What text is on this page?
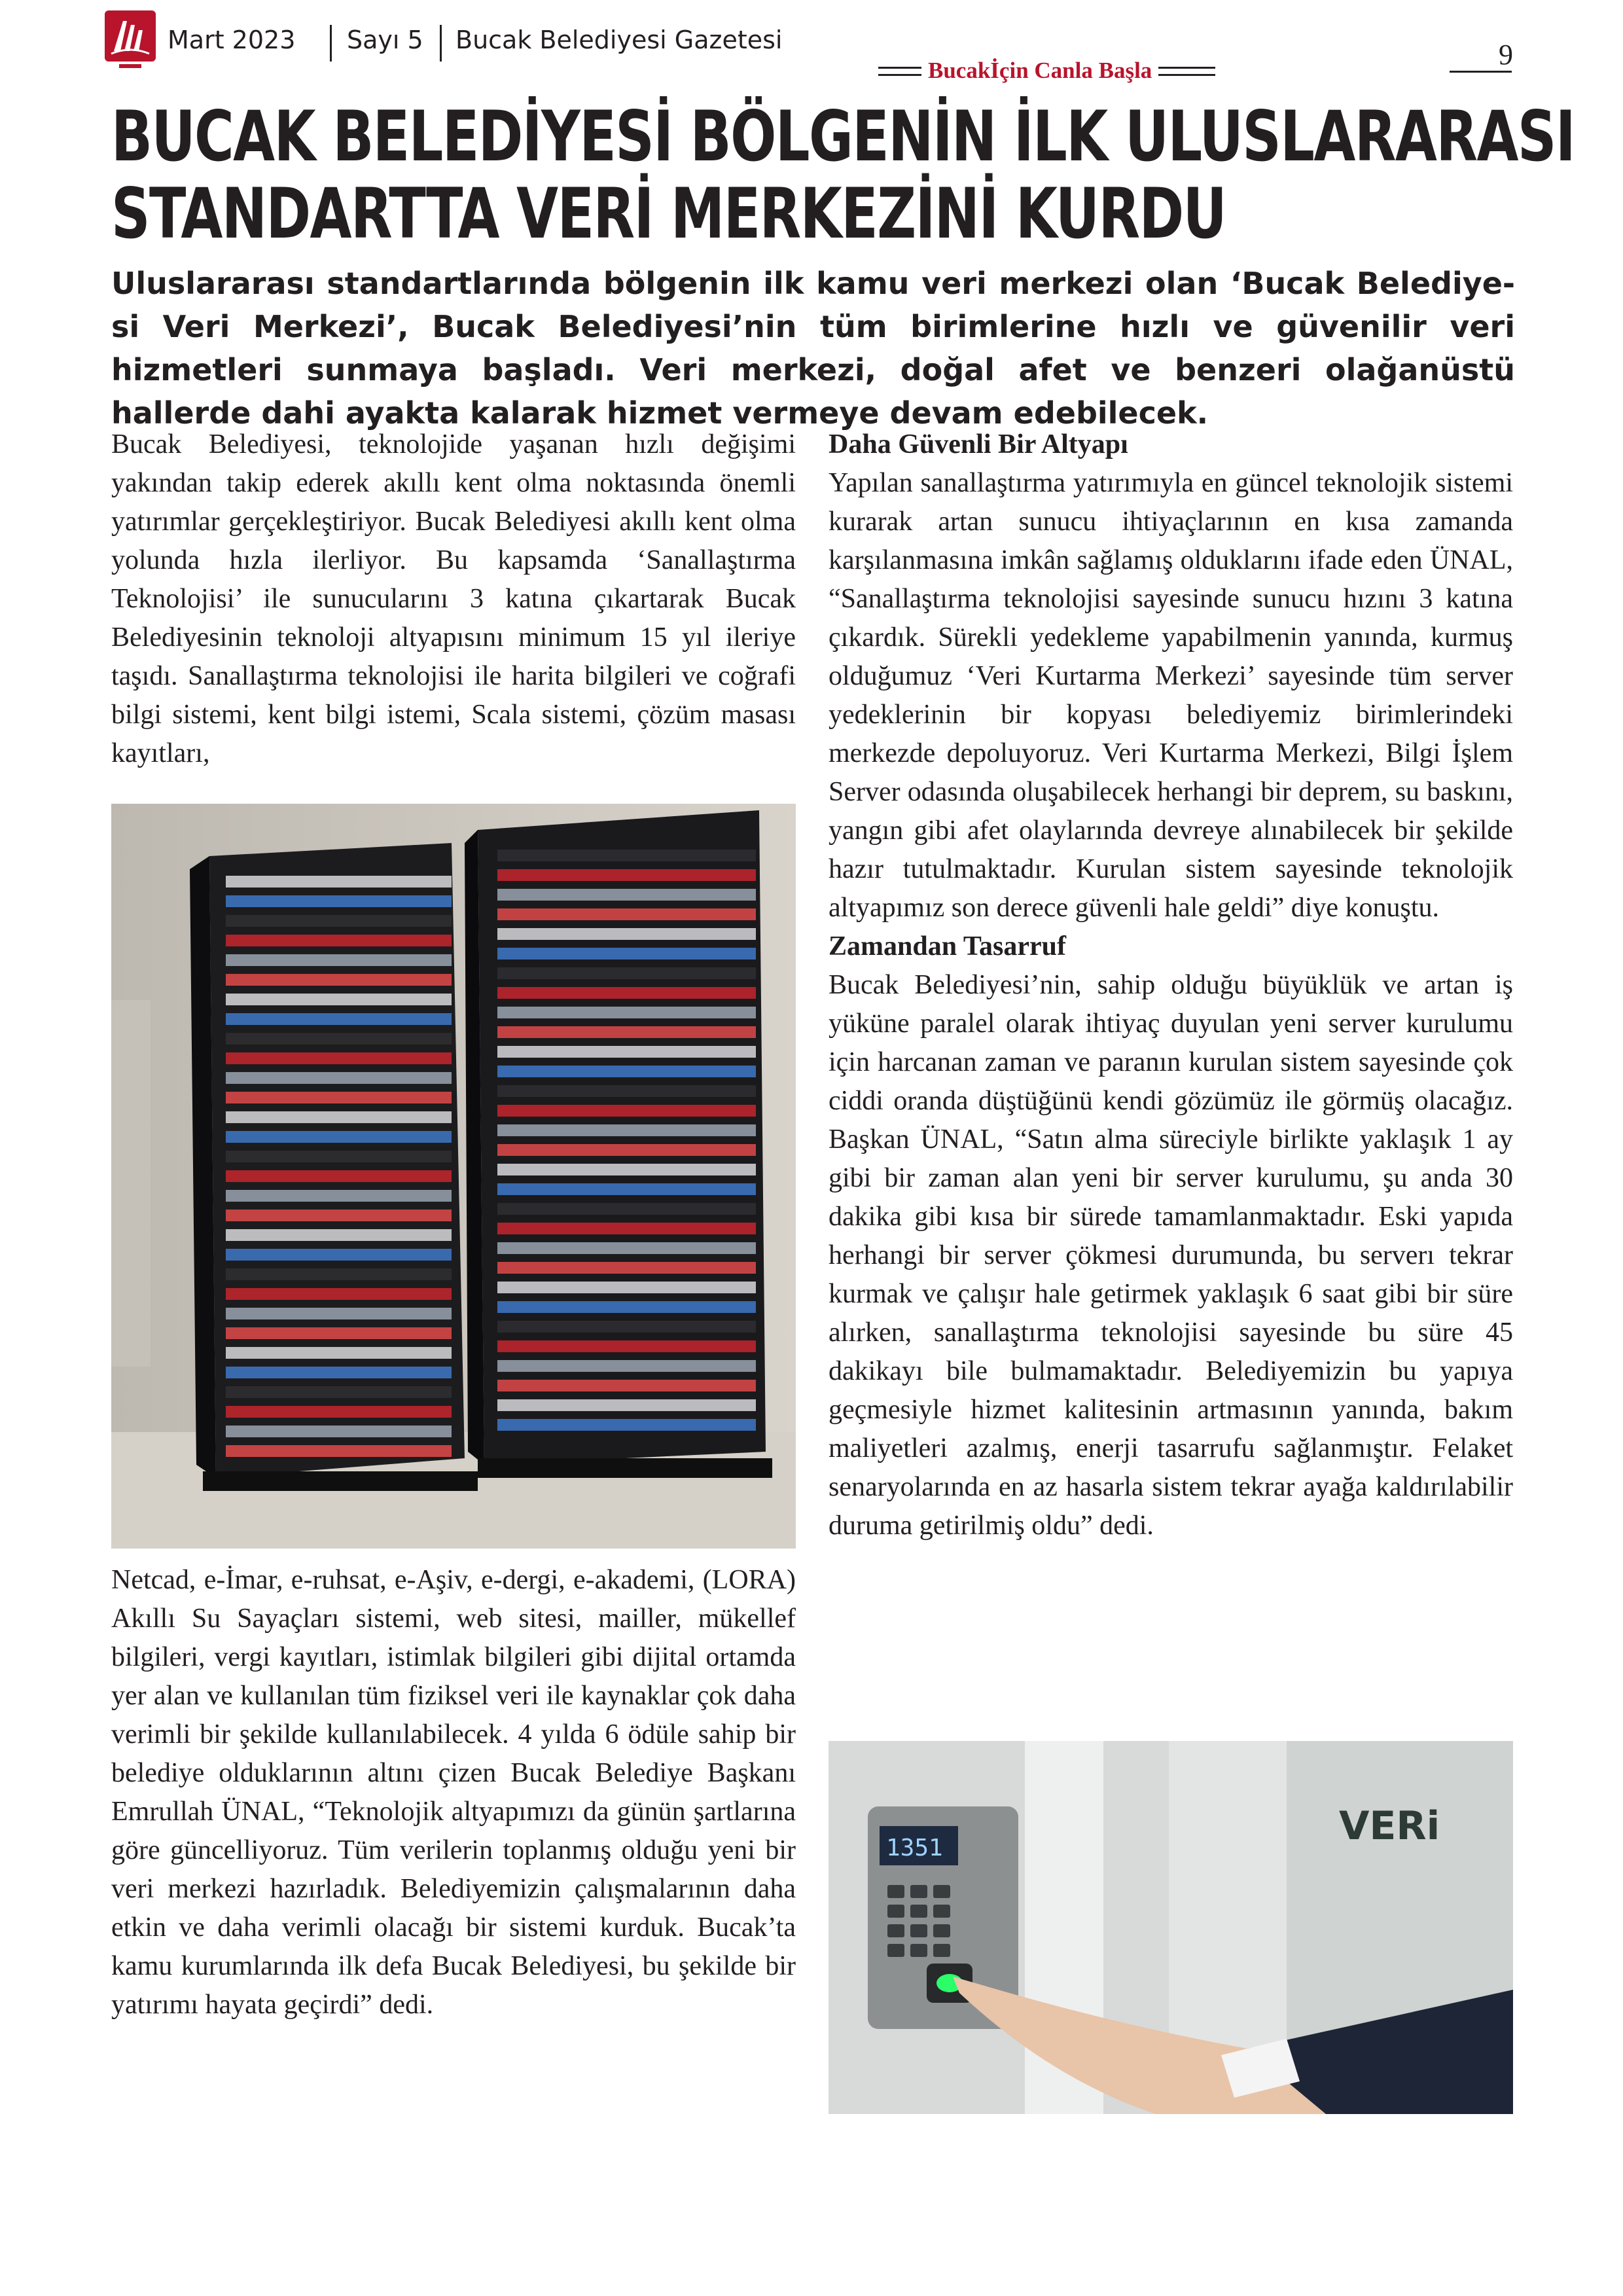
Mart 2023 Sayı 5 Bucak Belediyesi Gazetesi	9
Bucakİçin Canla Başla
BUCAK BELEDİYESİ BÖLGENİN İLK ULUSLARARASI
STANDARTTA VERİ MERKEZİNİ KURDU
Uluslararası standartlarında bölgenin ilk kamu veri merkezi olan ‘Bucak Belediye-si Veri Merkezi’, Bucak Belediyesi’nin tüm birimlerine hızlı ve güvenilir veri hizmetleri sunmaya başladı. Veri merkezi, doğal afet ve benzeri olağanüstü hallerde dahi ayakta kalarak hizmet vermeye devam edebilecek.

Bucak Belediyesi, teknolojide yaşanan hızlı değişimi yakından takip ederek akıllı kent olma noktasında önemli yatırımlar gerçekleştiriyor. Bucak Belediyesi akıllı kent olma yolunda hızla ilerliyor. Bu kapsamda ‘Sanallaştırma Teknolojisi’ ile sunucularını 3 katına çıkartarak Bucak Belediyesinin teknoloji altyapısını minimum 15 yıl ileriye taşıdı. Sanallaştırma teknolojisi ile harita bilgileri ve coğrafi bilgi sistemi, kent bilgi istemi, Scala sistemi, çözüm masası kayıtları,

Netcad, e-İmar, e-ruhsat, e-Aşiv, e-dergi, e-akademi, (LORA) Akıllı Su Sayaçları sistemi, web sitesi, mailler, mükellef bilgileri, vergi kayıtları, istimlak bilgileri gibi dijital ortamda yer alan ve kullanılan tüm fiziksel veri ile kaynaklar çok daha verimli bir şekilde kullanılabilecek. 4 yılda 6 ödüle sahip bir belediye olduklarının altını çizen Bucak Belediye Başkanı Emrullah ÜNAL, “Teknolojik altyapımızı da günün şartlarına göre güncelliyoruz. Tüm verilerin toplanmış olduğu yeni bir veri merkezi hazırladık. Belediyemizin çalışmalarının daha etkin ve daha verimli olacağı bir sistemi kurduk. Bucak’ta kamu kurumlarında ilk defa Bucak Belediyesi, bu şekilde bir yatırımı hayata geçirdi” dedi.

Daha Güvenli Bir Altyapı

Yapılan sanallaştırma yatırımıyla en güncel teknolojik sistemi kurarak artan sunucu ihtiyaçlarının en kısa zamanda karşılanmasına imkân sağlamış olduklarını ifade eden ÜNAL, “Sanallaştırma teknolojisi sayesinde sunucu hızını 3 katına çıkardık. Sürekli yedekleme yapabilmenin yanında, kurmuş olduğumuz ‘Veri Kurtarma Merkezi’ sayesinde tüm server yedeklerinin bir kopyası belediyemiz birimlerindeki merkezde depoluyoruz. Veri Kurtarma Merkezi, Bilgi İşlem Server odasında oluşabilecek herhangi bir deprem, su baskını, yangın gibi afet olaylarında devreye alınabilecek bir şekilde hazır tutulmaktadır. Kurulan sistem sayesinde teknolojik altyapımız son derece güvenli hale geldi” diye konuştu.

Zamandan Tasarruf

Bucak Belediyesi’nin, sahip olduğu büyüklük ve artan iş yüküne paralel olarak ihtiyaç duyulan yeni server kurulumu için harcanan zaman ve paranın kurulan sistem sayesinde çok ciddi oranda düştüğünü kendi gözümüz ile görmüş olacağız. Başkan ÜNAL, “Satın alma süreciyle birlikte yaklaşık 1 ay gibi bir zaman alan yeni bir server kurulumu, şu anda 30 dakika gibi kısa bir sürede tamamlanmaktadır. Eski yapıda herhangi bir server çökmesi durumunda, bu serverı tekrar kurmak ve çalışır hale getirmek yaklaşık 6 saat gibi bir süre alırken, sanallaştırma teknolojisi sayesinde bu süre 45 dakikayı bile bulmamaktadır. Belediyemizin bu yapıya geçmesiyle hizmet kalitesinin artmasının yanında, bakım maliyetleri azalmış, enerji tasarrufu sağlanmıştır. Felaket senaryolarında en az hasarla sistem tekrar ayağa kaldırılabilir duruma getirilmiş oldu” dedi.

VERi
1351
